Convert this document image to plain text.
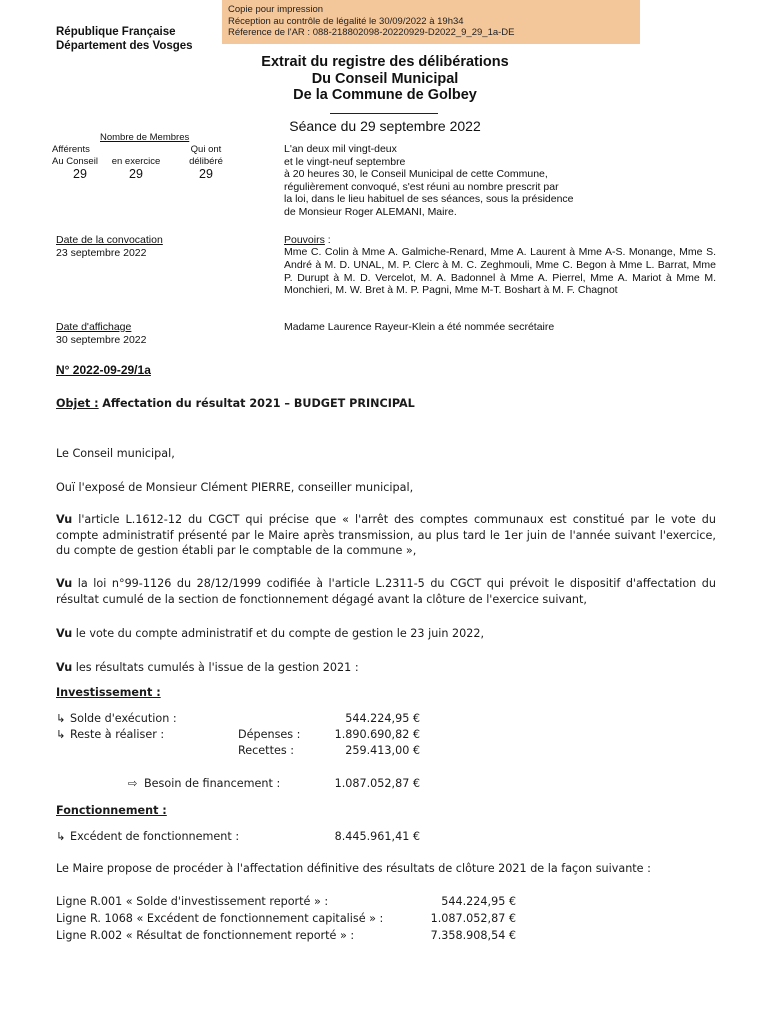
Copie pour impression
Réception au contrôle de légalité le 30/09/2022 à 19h34
Réference de l'AR : 088-218802098-20220929-D2022_9_29_1a-DE
République Française
Département des Vosges
Extrait du registre des délibérations
Du Conseil Municipal
De la Commune de Golbey
Séance du 29 septembre 2022
Nombre de Membres
Afférents
Au Conseil
29

en exercice
29
Qui ont
délibéré
29
L'an deux mil vingt-deux
et le vingt-neuf septembre
à 20 heures 30, le Conseil Municipal de cette Commune,
régulièrement convoqué, s'est réuni au nombre prescrit par
la loi, dans le lieu habituel de ses séances, sous la présidence
de Monsieur Roger ALEMANI, Maire.
Date de la convocation
23 septembre 2022
Pouvoirs :
Mme C. Colin à Mme A. Galmiche-Renard, Mme A. Laurent à Mme A-S. Monange, Mme S. André à M. D. UNAL, M. P. Clerc à M. C. Zeghmouli, Mme C. Begon à Mme L. Barrat, Mme P. Durupt à M. D. Vercelot, M. A. Badonnel à Mme A. Pierrel, Mme A. Mariot à Mme M. Monchieri, M. W. Bret à M. P. Pagni, Mme M-T. Boshart à M. F. Chagnot
Date d'affichage
30 septembre 2022
Madame Laurence Rayeur-Klein a été nommée secrétaire
N° 2022-09-29/1a
Objet : Affectation du résultat 2021 – BUDGET PRINCIPAL
Le Conseil municipal,
Ouï l'exposé de Monsieur Clément PIERRE, conseiller municipal,
Vu l'article L.1612-12 du CGCT qui précise que « l'arrêt des comptes communaux est constitué par le vote du compte administratif présenté par le Maire après transmission, au plus tard le 1er juin de l'année suivant l'exercice, du compte de gestion établi par le comptable de la commune »,
Vu la loi n°99-1126 du 28/12/1999 codifiée à l'article L.2311-5 du CGCT qui prévoit le dispositif d'affectation du résultat cumulé de la section de fonctionnement dégagé avant la clôture de l'exercice suivant,
Vu le vote du compte administratif et du compte de gestion le 23 juin 2022,
Vu les résultats cumulés à l'issue de la gestion 2021 :
Investissement :
↳ Solde d'exécution :	544.224,95 €
↳ Reste à réaliser :	Dépenses :	1.890.690,82 €
Recettes :	259.413,00 €
⇨ Besoin de financement :	1.087.052,87 €
Fonctionnement :
↳ Excédent de fonctionnement :	8.445.961,41 €
Le Maire propose de procéder à l'affectation définitive des résultats de clôture 2021 de la façon suivante :
Ligne R.001 « Solde d'investissement reporté » :	544.224,95 €
Ligne R. 1068 « Excédent de fonctionnement capitalisé » :	1.087.052,87 €
Ligne R.002 « Résultat de fonctionnement reporté » :	7.358.908,54 €
